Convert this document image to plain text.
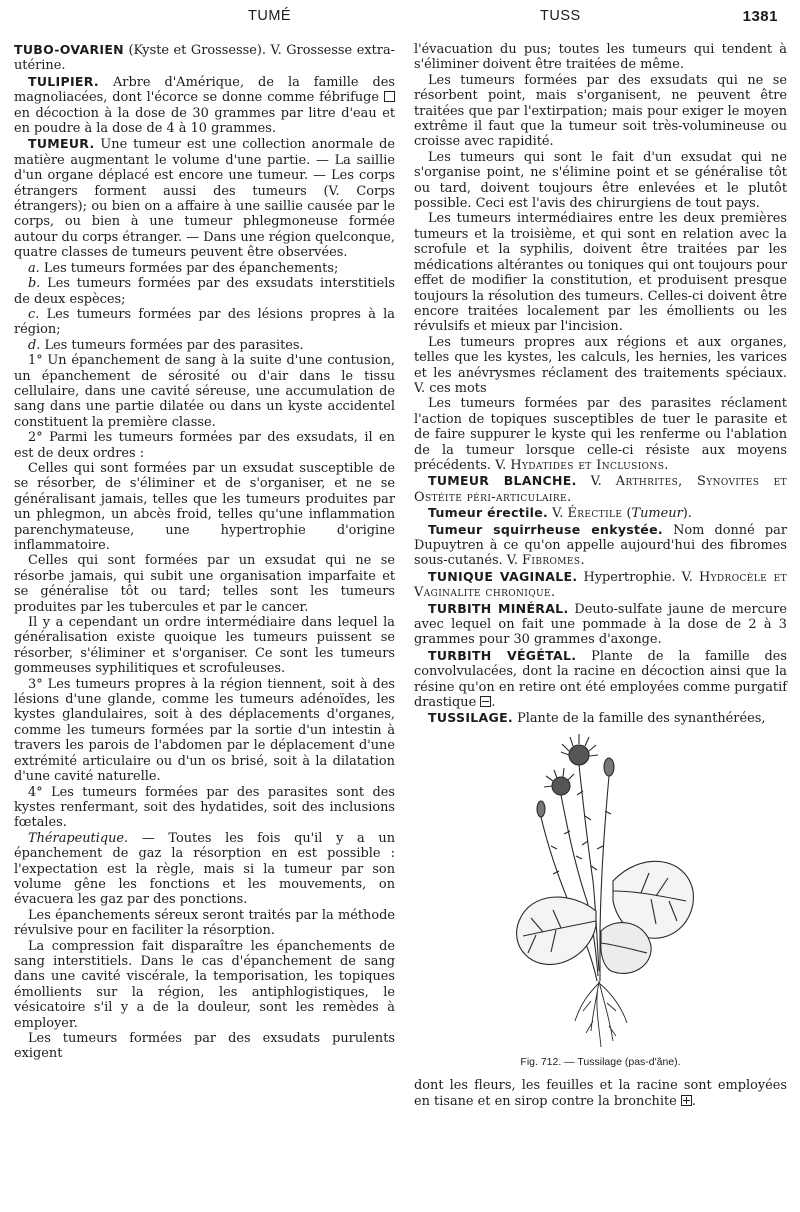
TUMÉ	TUSS	1381

TUBO-OVARIEN (Kyste et Grossesse). V. Grossesse extra-utérine.

TULIPIER. Arbre d'Amérique, de la famille des magnoliacées, dont l'écorce se donne comme fébrifuge  en décoction à la dose de 30 grammes par litre d'eau et en poudre à la dose de 4 à 10 grammes.

TUMEUR. Une tumeur est une collection anormale de matière augmentant le volume d'une partie. — La saillie d'un organe déplacé est encore une tumeur. — Les corps étrangers forment aussi des tumeurs (V. Corps étrangers); ou bien on a affaire à une saillie causée par le corps, ou bien à une tumeur phlegmoneuse formée autour du corps étranger. — Dans une région quelconque, quatre classes de tumeurs peuvent être observées.

a. Les tumeurs formées par des épanchements;

b. Les tumeurs formées par des exsudats interstitiels de deux espèces;

c. Les tumeurs formées par des lésions propres à la région;

d. Les tumeurs formées par des parasites.

1° Un épanchement de sang à la suite d'une contusion, un épanchement de sérosité ou d'air dans le tissu cellulaire, dans une cavité séreuse, une accumulation de sang dans une partie dilatée ou dans un kyste accidentel constituent la première classe.

2° Parmi les tumeurs formées par des exsudats, il en est de deux ordres :

Celles qui sont formées par un exsudat susceptible de se résorber, de s'éliminer et de s'organiser, et ne se généralisant jamais, telles que les tumeurs produites par un phlegmon, un abcès froid, telles qu'une inflammation parenchymateuse, une hypertrophie d'origine inflammatoire.

Celles qui sont formées par un exsudat qui ne se résorbe jamais, qui subit une organisation imparfaite et se généralise tôt ou tard; telles sont les tumeurs produites par les tubercules et par le cancer.

Il y a cependant un ordre intermédiaire dans lequel la généralisation existe quoique les tumeurs puissent se résorber, s'éliminer et s'organiser. Ce sont les tumeurs gommeuses syphilitiques et scrofuleuses.

3° Les tumeurs propres à la région tiennent, soit à des lésions d'une glande, comme les tumeurs adénoïdes, les kystes glandulaires, soit à des déplacements d'organes, comme les tumeurs formées par la sortie d'un intestin à travers les parois de l'abdomen par le déplacement d'une extrémité articulaire ou d'un os brisé, soit à la dilatation d'une cavité naturelle.

4° Les tumeurs formées par des parasites sont des kystes renfermant, soit des hydatides, soit des inclusions fœtales.

Thérapeutique. — Toutes les fois qu'il y a un épanchement de gaz la résorption en est possible : l'expectation est la règle, mais si la tumeur par son volume gêne les fonctions et les mouvements, on évacuera les gaz par des ponctions.

Les épanchements séreux seront traités par la méthode révulsive pour en faciliter la résorption.

La compression fait disparaître les épanchements de sang interstitiels. Dans le cas d'épanchement de sang dans une cavité viscérale, la temporisation, les topiques émollients sur la région, les antiphlogistiques, le vésicatoire s'il y a de la douleur, sont les remèdes à employer.

Les tumeurs formées par des exsudats purulents exigent

l'évacuation du pus; toutes les tumeurs qui tendent à s'éliminer doivent être traitées de même.

Les tumeurs formées par des exsudats qui ne se résorbent point, mais s'organisent, ne peuvent être traitées que par l'extirpation; mais pour exiger le moyen extrême il faut que la tumeur soit très-volumineuse ou croisse avec rapidité.

Les tumeurs qui sont le fait d'un exsudat qui ne s'organise point, ne s'élimine point et se généralise tôt ou tard, doivent toujours être enlevées et le plutôt possible. Ceci est l'avis des chirurgiens de tout pays.

Les tumeurs intermédiaires entre les deux premières tumeurs et la troisième, et qui sont en relation avec la scrofule et la syphilis, doivent être traitées par les médications altérantes ou toniques qui ont toujours pour effet de modifier la constitution, et produisent presque toujours la résolution des tumeurs. Celles-ci doivent être encore traitées localement par les émollients ou les révulsifs et mieux par l'incision.

Les tumeurs propres aux régions et aux organes, telles que les kystes, les calculs, les hernies, les varices et les anévrysmes réclament des traitements spéciaux. V. ces mots

Les tumeurs formées par des parasites réclament l'action de topiques susceptibles de tuer le parasite et de faire suppurer le kyste qui les renferme ou l'ablation de la tumeur lorsque celle-ci résiste aux moyens précédents. V. Hydatides et Inclusions.

TUMEUR BLANCHE. V. Arthrites, Synovites et Ostéite péri-articulaire.

Tumeur érectile. V. Érectile (Tumeur).

Tumeur squirrheuse enkystée. Nom donné par Dupuytren à ce qu'on appelle aujourd'hui des fibromes sous-cutanés. V. Fibromes.

TUNIQUE VAGINALE. Hypertrophie. V. Hydrocèle et Vaginalite chronique.

TURBITH MINÉRAL. Deuto-sulfate jaune de mercure avec lequel on fait une pommade à la dose de 2 à 3 grammes pour 30 grammes d'axonge.

TURBITH VÉGÉTAL. Plante de la famille des convolvulacées, dont la racine en décoction ainsi que la résine qu'on en retire ont été employées comme purgatif drastique .

TUSSILAGE. Plante de la famille des synanthérées,

Fig. 712. — Tussilage (pas-d'âne).

dont les fleurs, les feuilles et la racine sont employées en tisane et en sirop contre la bronchite .
